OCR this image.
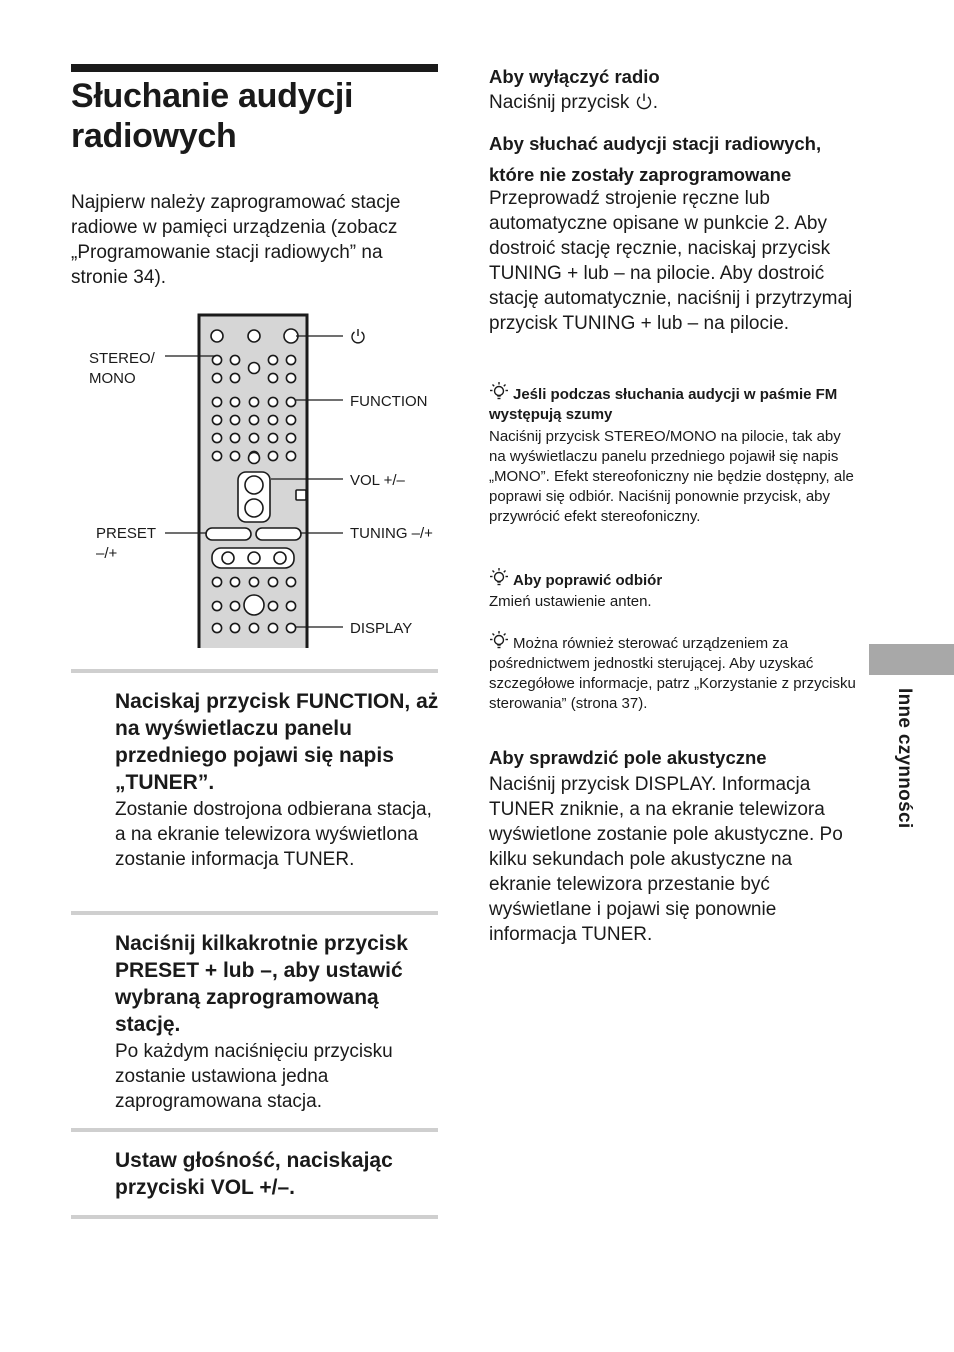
Słuchanie audycji
radiowych
Najpierw należy zaprogramować stacje radiowe w pamięci urządzenia (zobacz „Programowanie stacji radiowych” na stronie 34).
STEREO/
MONO
PRESET
–/+
FUNCTION
VOL +/–
TUNING –/+
DISPLAY
Naciskaj przycisk FUNCTION, aż na wyświetlaczu panelu przedniego pojawi się napis „TUNER”.
Zostanie dostrojona odbierana stacja, a na ekranie telewizora wyświetlona zostanie informacja TUNER.
Naciśnij kilkakrotnie przycisk PRESET + lub –, aby ustawić wybraną zaprogramowaną stację.
Po każdym naciśnięciu przycisku zostanie ustawiona jedna zaprogramowana stacja.
Ustaw głośność, naciskając przyciski VOL +/–.
Aby wyłączyć radio
Naciśnij przycisk .
Aby słuchać audycji stacji radiowych, które nie zostały zaprogramowane
Przeprowadź strojenie ręczne lub automatyczne opisane w punkcie 2. Aby dostroić stację ręcznie, naciskaj przycisk TUNING + lub – na pilocie. Aby dostroić stację automatycznie, naciśnij i przytrzymaj przycisk TUNING + lub – na pilocie.
Jeśli podczas słuchania audycji w paśmie FM występują szumy
Naciśnij przycisk STEREO/MONO na pilocie, tak aby na wyświetlaczu panelu przedniego pojawił się napis „MONO”. Efekt stereofoniczny nie będzie dostępny, ale poprawi się odbiór. Naciśnij ponownie przycisk, aby przywrócić efekt stereofoniczny.
Aby poprawić odbiór
Zmień ustawienie anten.
Można również sterować urządzeniem za pośrednictwem jednostki sterującej. Aby uzyskać szczegółowe informacje, patrz „Korzystanie z przycisku sterowania” (strona 37).
Aby sprawdzić pole akustyczne
Naciśnij przycisk DISPLAY. Informacja TUNER zniknie, a na ekranie telewizora wyświetlone zostanie pole akustyczne. Po kilku sekundach pole akustyczne na ekranie telewizora przestanie być wyświetlane i pojawi się ponownie informacja TUNER.
Inne czynności
